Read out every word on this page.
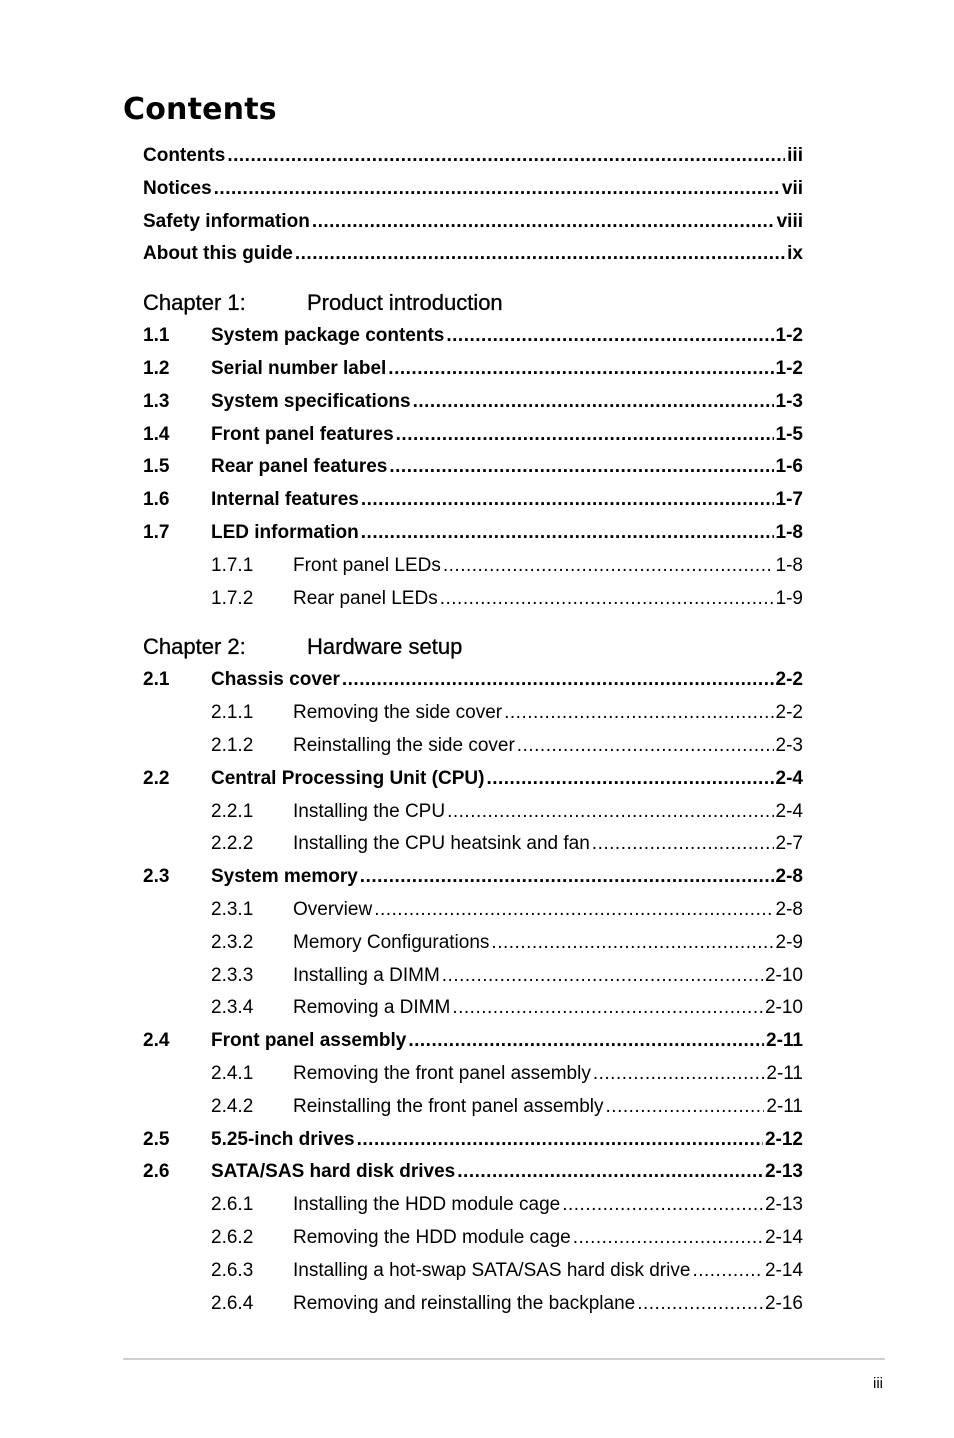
Contents
Contents .....	iii
Notices .....	vii
Safety information .....	viii
About this guide .....	ix
Chapter 1:	Product introduction
1.1	System package contents .....	1-2
1.2	Serial number label .....	1-2
1.3	System specifications .....	1-3
1.4	Front panel features .....	1-5
1.5	Rear panel features .....	1-6
1.6	Internal features .....	1-7
1.7	LED information .....	1-8
1.7.1	Front panel LEDs .....	1-8
1.7.2	Rear panel LEDs .....	1-9
Chapter 2:	Hardware setup
2.1	Chassis cover .....	2-2
2.1.1	Removing the side cover .....	2-2
2.1.2	Reinstalling the side cover .....	2-3
2.2	Central Processing Unit (CPU) .....	2-4
2.2.1	Installing the CPU .....	2-4
2.2.2	Installing the CPU heatsink and fan .....	2-7
2.3	System memory .....	2-8
2.3.1	Overview .....	2-8
2.3.2	Memory Configurations .....	2-9
2.3.3	Installing a DIMM .....	2-10
2.3.4	Removing a DIMM .....	2-10
2.4	Front panel assembly .....	2-11
2.4.1	Removing the front panel assembly .....	2-11
2.4.2	Reinstalling the front panel assembly .....	2-11
2.5	5.25-inch drives .....	2-12
2.6	SATA/SAS hard disk drives .....	2-13
2.6.1	Installing the HDD module cage .....	2-13
2.6.2	Removing the HDD module cage .....	2-14
2.6.3	Installing a hot-swap SATA/SAS hard disk drive .....	2-14
2.6.4	Removing and reinstalling the backplane .....	2-16
iii
